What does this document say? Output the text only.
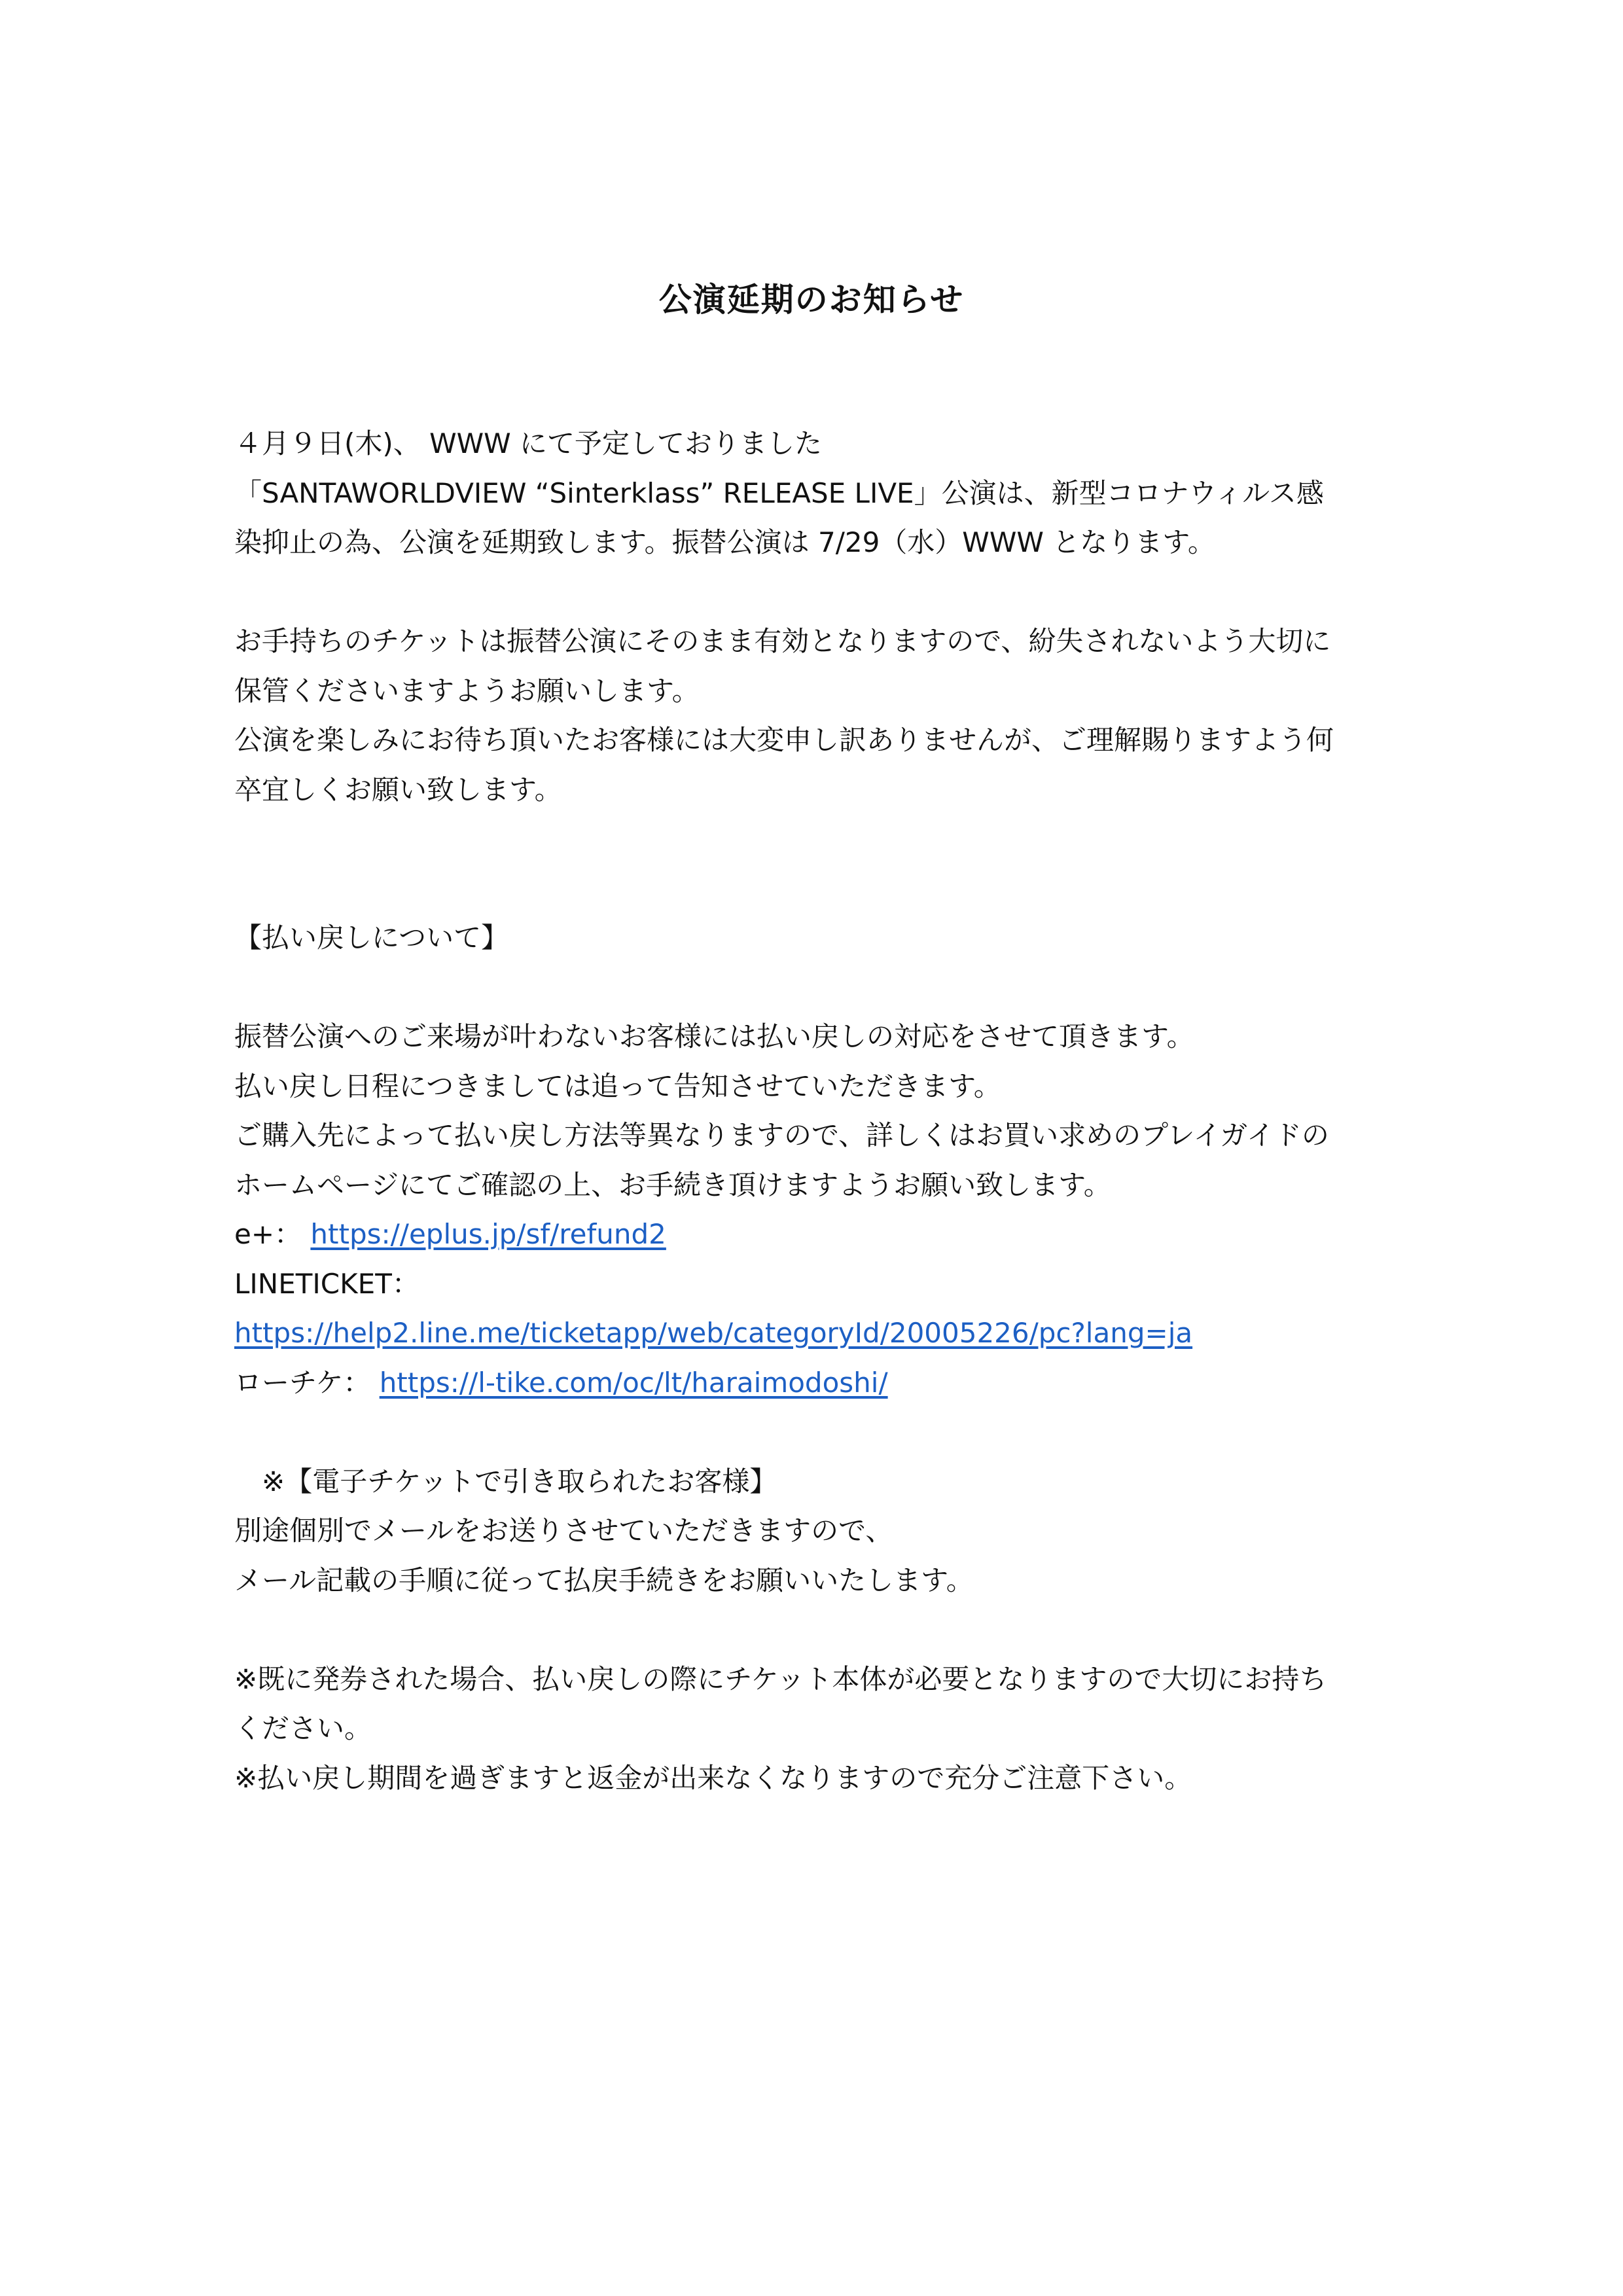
公演延期のお知らせ
４月９日(木)、 WWW にて予定しておりました
「SANTAWORLDVIEW “Sinterklass” RELEASE LIVE」公演は、新型コロナウィルス感
染抑止の為、公演を延期致します。振替公演は 7/29（水）WWW となります。
お手持ちのチケットは振替公演にそのまま有効となりますので、紛失されないよう大切に
保管くださいますようお願いします。
公演を楽しみにお待ち頂いたお客様には大変申し訳ありませんが、ご理解賜りますよう何
卒宜しくお願い致します。
【払い戻しについて】
振替公演へのご来場が叶わないお客様には払い戻しの対応をさせて頂きます。
払い戻し日程につきましては追って告知させていただきます。
ご購入先によって払い戻し方法等異なりますので、詳しくはお買い求めのプレイガイドの
ホームページにてご確認の上、お手続き頂けますようお願い致します。
e+： https://eplus.jp/sf/refund2
LINETICKET：
https://help2.line.me/ticketapp/web/categoryId/20005226/pc?lang=ja
ローチケ： https://l-tike.com/oc/lt/haraimodoshi/
※【電子チケットで引き取られたお客様】
別途個別でメールをお送りさせていただきますので、
メール記載の手順に従って払戻手続きをお願いいたします。
※既に発券された場合、払い戻しの際にチケット本体が必要となりますので大切にお持ち
ください。
※払い戻し期間を過ぎますと返金が出来なくなりますので充分ご注意下さい。
